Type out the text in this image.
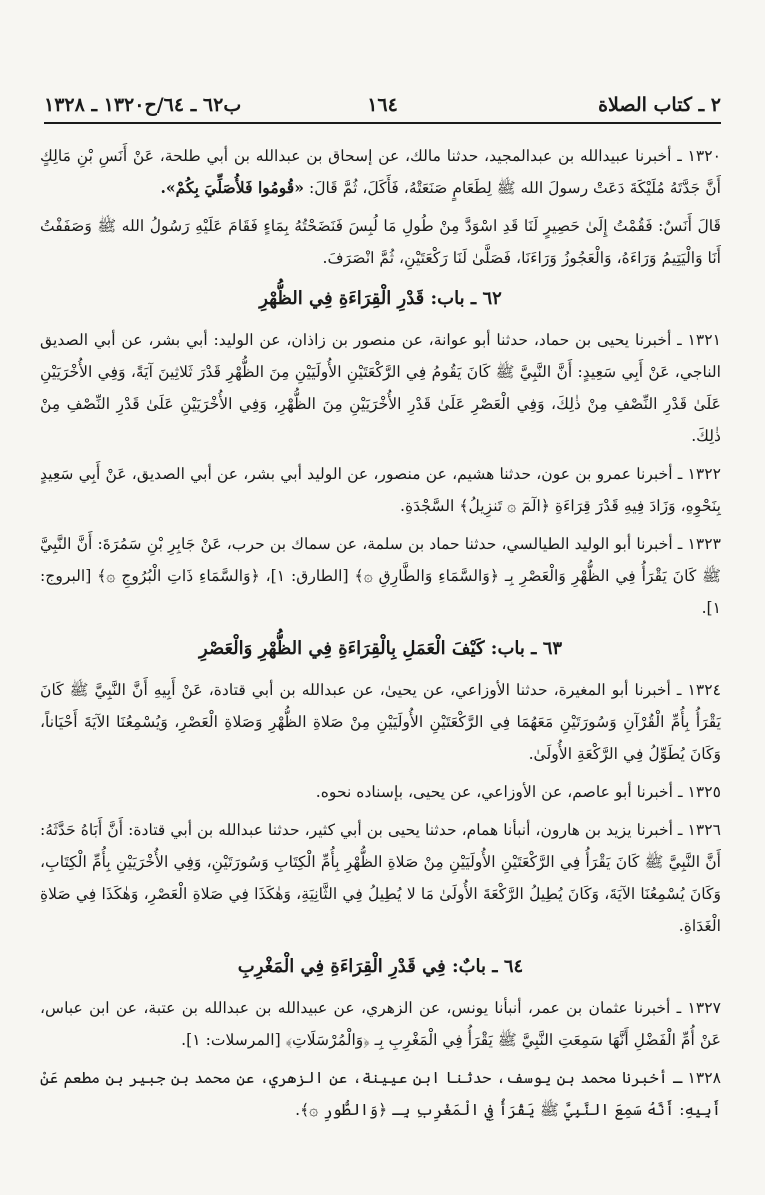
٢ ـ كتاب الصلاة
١٦٤
ب٦٢ ـ ٦٤/ح١٣٢٠ ـ ١٣٢٨

١٣٢٠ ـ أخبرنا عبيدالله بن عبدالمجيد، حدثنا مالك، عن إسحاق بن عبدالله بن أبي طلحة، عَنْ أَنَسِ بْنِ مَالِكٍ أَنَّ جَدَّتَهُ مُلَيْكَةَ دَعَتْ رسولَ الله ﷺ لِطَعَامٍ صَنَعَتْهُ، فَأَكَلَ، ثُمَّ قَالَ: «قُومُوا فَلأُصَلِّيَ بِكُمْ».

قَالَ أَنَسٌ: فَقُمْتُ إِلَىٰ حَصِيرٍ لَنَا قَدِ اسْوَدَّ مِنْ طُولِ مَا لُبِسَ فَنَضَحْتُهُ بِمَاءٍ فَقَامَ عَلَيْهِ رَسُولُ الله ﷺ وَصَفَفْتُ أَنَا وَالْيَتِيمُ وَرَاءَهُ، وَالْعَجُوزُ وَرَاءَنَا، فَصَلَّىٰ لَنَا رَكْعَتَيْنِ، ثُمَّ انْصَرَفَ.

٦٢ ـ باب: قَدْرِ الْقِرَاءَةِ فِي الظُّهْرِ

١٣٢١ ـ أخبرنا يحيى بن حماد، حدثنا أبو عوانة، عن منصور بن زاذان، عن الوليد: أبي بشر، عن أبي الصديق الناجي، عَنْ أَبِي سَعِيدٍ: أَنَّ النَّبِيَّ ﷺ كَانَ يَقُومُ فِي الرَّكْعَتَيْنِ الأُولَيَيْنِ مِنَ الظُّهْرِ قَدْرَ ثَلاثِينَ آيَةً، وَفِي الأُخْرَيَيْنِ عَلَىٰ قَدْرِ النِّصْفِ مِنْ ذٰلِكَ، وَفِي الْعَصْرِ عَلَىٰ قَدْرِ الأُخْرَيَيْنِ مِنَ الظُّهْرِ، وَفِي الأُخْرَيَيْنِ عَلَىٰ قَدْرِ النِّصْفِ مِنْ ذٰلِكَ.

١٣٢٢ ـ أخبرنا عمرو بن عون، حدثنا هشيم، عن منصور، عن الوليد أبي بشر، عن أبي الصديق، عَنْ أَبِي سَعِيدٍ بِنَحْوِهِ، وَزَادَ فِيهِ قَدْرَ قِرَاءَةِ ﴿الٓمٓ ۞ تَنزِيلُ﴾ السَّجْدَةِ.

١٣٢٣ ـ أخبرنا أبو الوليد الطيالسي، حدثنا حماد بن سلمة، عن سماك بن حرب، عَنْ جَابِرِ بْنِ سَمُرَةَ: أَنَّ النَّبِيَّ ﷺ كَانَ يَقْرَأُ فِي الظُّهْرِ وَالْعَصْرِ بِـ ﴿وَالسَّمَاءِ وَالطَّارِقِ ۞﴾ [الطارق: ١]، ﴿وَالسَّمَاءِ ذَاتِ الْبُرُوجِ ۞﴾ [البروج: ١].

٦٣ ـ باب: كَيْفَ الْعَمَلِ بِالْقِرَاءَةِ فِي الظُّهْرِ وَالْعَصْرِ

١٣٢٤ ـ أخبرنا أبو المغيرة، حدثنا الأوزاعي، عن يحيىٰ، عن عبدالله بن أبي قتادة، عَنْ أَبِيهِ أَنَّ النَّبِيَّ ﷺ كَانَ يَقْرَأُ بِأُمِّ الْقُرْآنِ وَسُورَتَيْنِ مَعَهُمَا فِي الرَّكْعَتَيْنِ الأُولَيَيْنِ مِنْ صَلاةِ الظُّهْرِ وَصَلاةِ الْعَصْرِ، وَيُسْمِعُنَا الآيَةَ أَحْيَاناً، وَكَانَ يُطَوِّلُ فِي الرَّكْعَةِ الأُولَىٰ.

١٣٢٥ ـ أخبرنا أبو عاصم، عن الأوزاعي، عن يحيى، بإسناده نحوه.

١٣٢٦ ـ أخبرنا يزيد بن هارون، أنبأنا همام، حدثنا يحيى بن أبي كثير، حدثنا عبدالله بن أبي قتادة: أَنَّ أَبَاهُ حَدَّثَهُ: أَنَّ النَّبِيَّ ﷺ كَانَ يَقْرَأُ فِي الرَّكْعَتَيْنِ الأُولَيَيْنِ مِنْ صَلاةِ الظُّهْرِ بِأُمِّ الْكِتَابِ وَسُورَتَيْنِ، وَفِي الأُخْرَيَيْنِ بِأُمِّ الْكِتَابِ، وَكَانَ يُسْمِعُنَا الآيَةَ، وَكَانَ يُطِيلُ الرَّكْعَةَ الأُولَىٰ مَا لا يُطِيلُ فِي الثَّانِيَةِ، وَهٰكَذَا فِي صَلاةِ الْعَصْرِ، وَهٰكَذَا فِي صَلاةِ الْغَدَاةِ.

٦٤ ـ بابٌ: فِي قَدْرِ الْقِرَاءَةِ فِي الْمَغْرِبِ

١٣٢٧ ـ أخبرنا عثمان بن عمر، أنبأنا يونس، عن الزهري، عن عبيدالله بن عبدالله بن عتبة، عن ابن عباس، عَنْ أُمِّ الْفَضْلِ أَنَّهَا سَمِعَتِ النَّبِيَّ ﷺ يَقْرَأُ فِي الْمَغْرِبِ بِـ ﴿وَالْمُرْسَلَاتِ﴾ [المرسلات: ١].

١٣٢٨ ـ أخبرنا محمد بن يوسف، حدثنا ابن عيينة، عن الزهري، عن محمد بن جبير بن مطعم عَنْ أَبِيهِ: أَنَّهُ سَمِعَ النَّبِيَّ ﷺ يَقْرَأُ فِي الْمَغْرِبِ بِـ ﴿وَالطُّورِ ۞﴾.
